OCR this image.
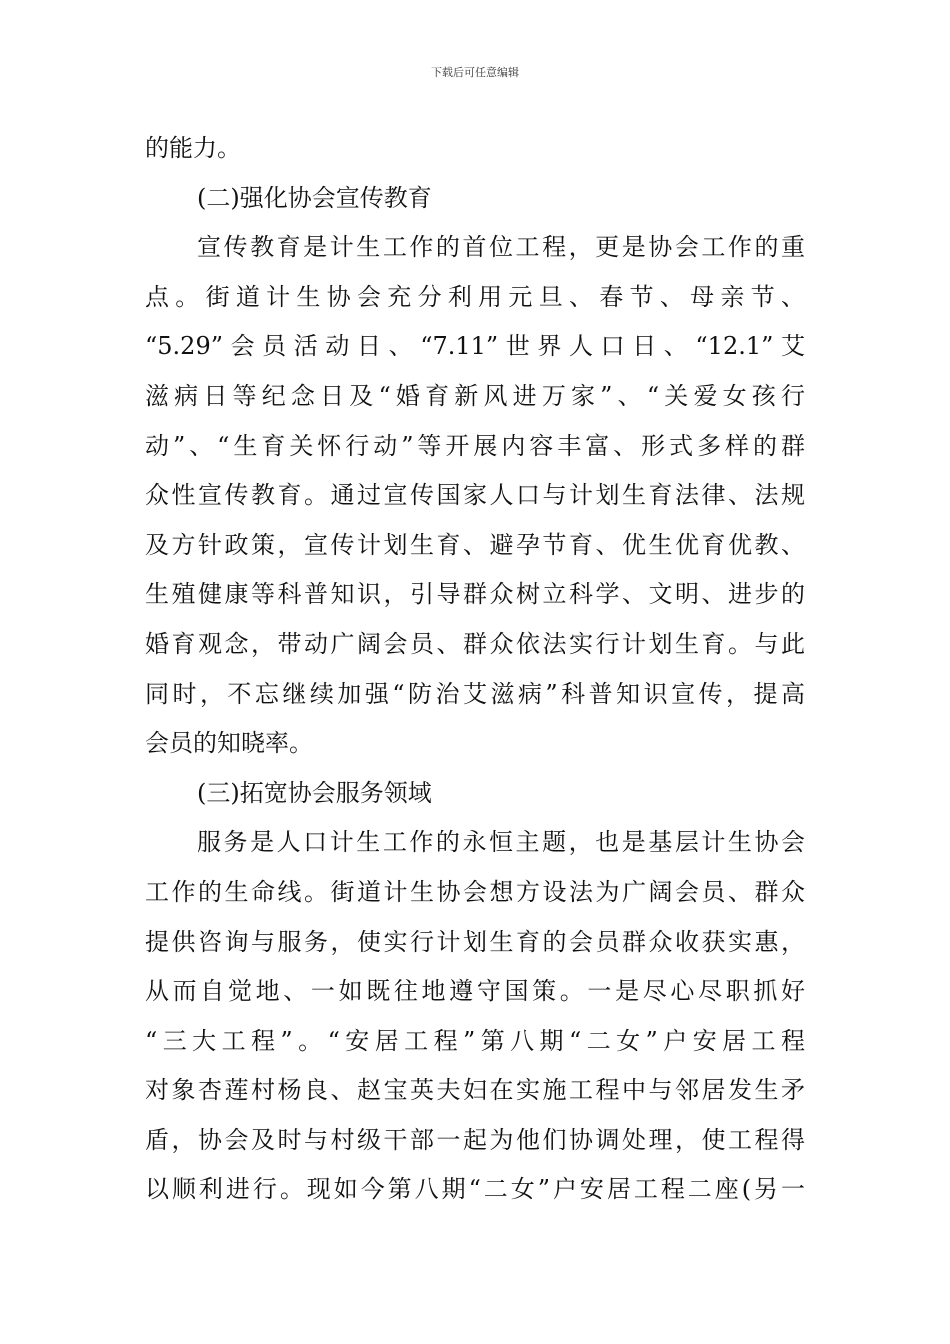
下载后可任意编辑
的能力。
(二)强化协会宣传教育
宣传教育是计生工作的首位工程，更是协会工作的重
点。街道计生协会充分利用元旦、春节、母亲节、
“5.29”会员活动日、“7.11”世界人口日、“12.1”艾
滋病日等纪念日及“婚育新风进万家”、“关爱女孩行
动”、“生育关怀行动”等开展内容丰富、形式多样的群
众性宣传教育。通过宣传国家人口与计划生育法律、法规
及方针政策，宣传计划生育、避孕节育、优生优育优教、
生殖健康等科普知识，引导群众树立科学、文明、进步的
婚育观念，带动广阔会员、群众依法实行计划生育。与此
同时，不忘继续加强“防治艾滋病”科普知识宣传，提高
会员的知晓率。
(三)拓宽协会服务领域
服务是人口计生工作的永恒主题，也是基层计生协会
工作的生命线。街道计生协会想方设法为广阔会员、群众
提供咨询与服务，使实行计划生育的会员群众收获实惠，
从而自觉地、一如既往地遵守国策。一是尽心尽职抓好
“三大工程”。“安居工程”第八期“二女”户安居工程
对象杏莲村杨良、赵宝英夫妇在实施工程中与邻居发生矛
盾，协会及时与村级干部一起为他们协调处理，使工程得
以顺利进行。现如今第八期“二女”户安居工程二座(另一
